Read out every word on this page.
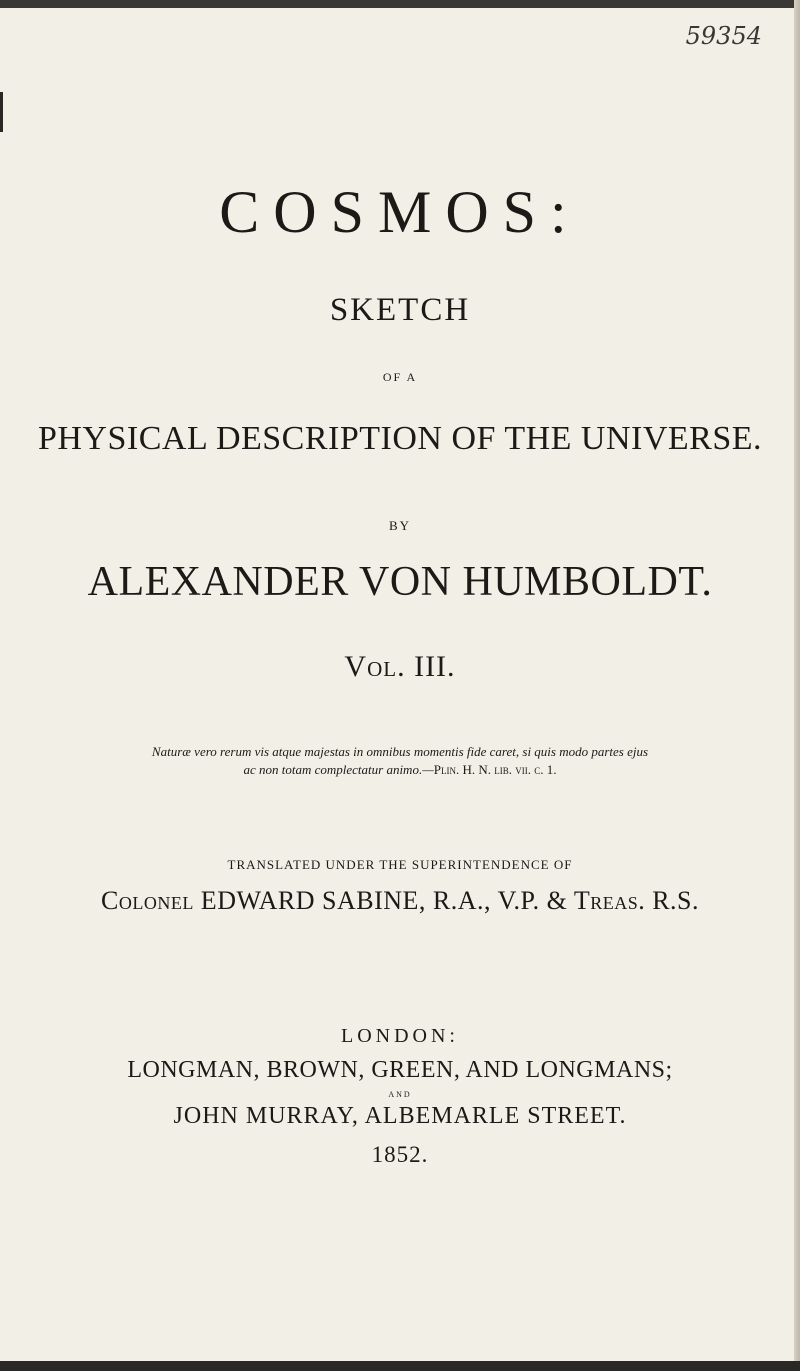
59354
COSMOS:
SKETCH
OF A
PHYSICAL DESCRIPTION OF THE UNIVERSE.
BY
ALEXANDER VON HUMBOLDT.
Vol. III.
Naturæ vero rerum vis atque majestas in omnibus momentis fide caret, si quis modo partes ejus
ac non totam complectatur animo.—Plin. H. N. lib. vii. c. 1.
TRANSLATED UNDER THE SUPERINTENDENCE OF
Colonel EDWARD SABINE, R.A., V.P. & Treas. R.S.
LONDON:
LONGMAN, BROWN, GREEN, AND LONGMANS;
AND
JOHN MURRAY, ALBEMARLE STREET.
1852.
